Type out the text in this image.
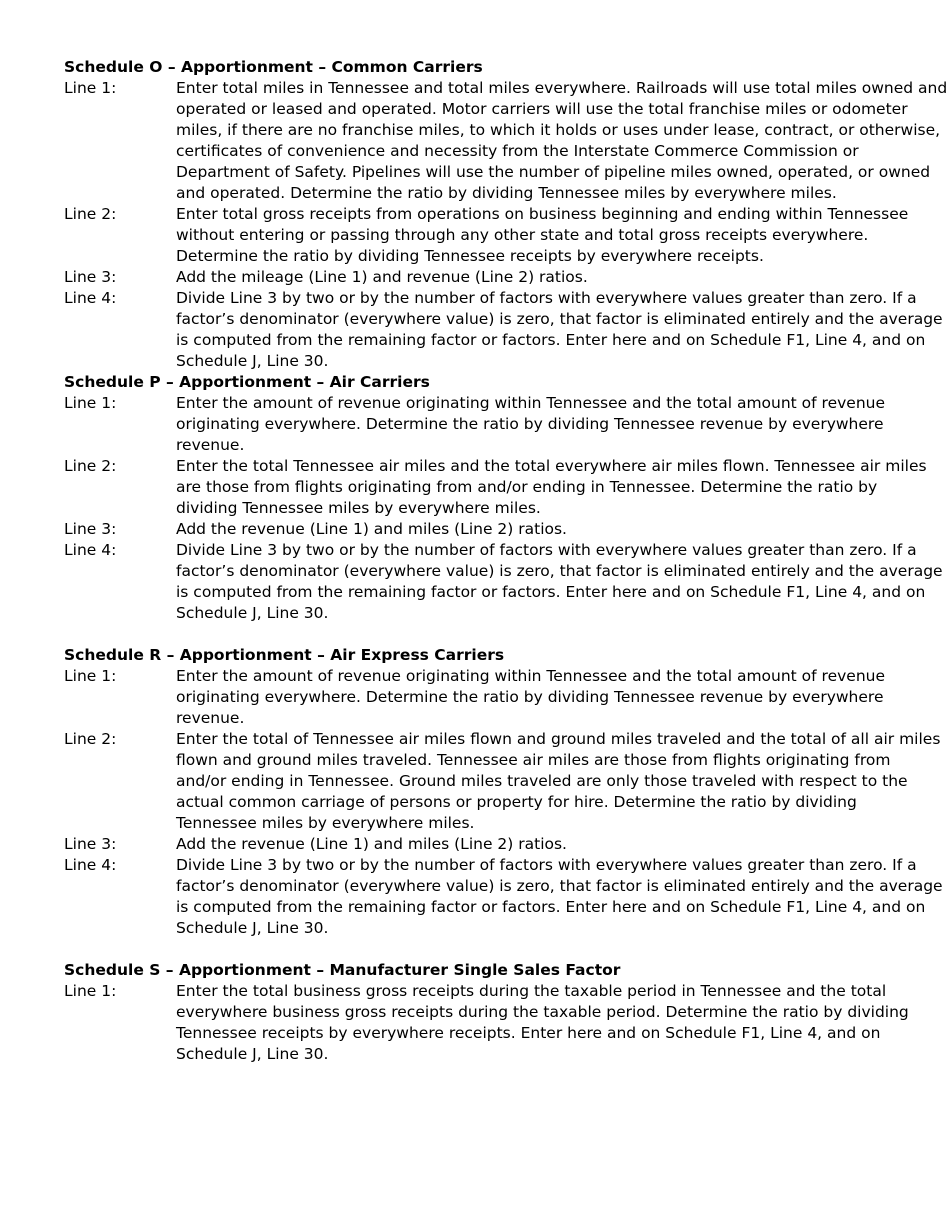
Schedule O – Apportionment – Common Carriers
Line 1:	Enter total miles in Tennessee and total miles everywhere. Railroads will use total miles owned and
operated or leased and operated. Motor carriers will use the total franchise miles or odometer
miles, if there are no franchise miles, to which it holds or uses under lease, contract, or otherwise,
certificates of convenience and necessity from the Interstate Commerce Commission or
Department of Safety. Pipelines will use the number of pipeline miles owned, operated, or owned
and operated. Determine the ratio by dividing Tennessee miles by everywhere miles.
Line 2:	Enter total gross receipts from operations on business beginning and ending within Tennessee
without entering or passing through any other state and total gross receipts everywhere.
Determine the ratio by dividing Tennessee receipts by everywhere receipts.
Line 3:	Add the mileage (Line 1) and revenue (Line 2) ratios.
Line 4:	Divide Line 3 by two or by the number of factors with everywhere values greater than zero. If a
factor’s denominator (everywhere value) is zero, that factor is eliminated entirely and the average
is computed from the remaining factor or factors. Enter here and on Schedule F1, Line 4, and on
Schedule J, Line 30.
Schedule P – Apportionment – Air Carriers
Line 1:	Enter the amount of revenue originating within Tennessee and the total amount of revenue
originating everywhere. Determine the ratio by dividing Tennessee revenue by everywhere
revenue.
Line 2:	Enter the total Tennessee air miles and the total everywhere air miles flown. Tennessee air miles
are those from flights originating from and/or ending in Tennessee. Determine the ratio by
dividing Tennessee miles by everywhere miles.
Line 3:	Add the revenue (Line 1) and miles (Line 2) ratios.
Line 4:	Divide Line 3 by two or by the number of factors with everywhere values greater than zero. If a
factor’s denominator (everywhere value) is zero, that factor is eliminated entirely and the average
is computed from the remaining factor or factors. Enter here and on Schedule F1, Line 4, and on
Schedule J, Line 30.
Schedule R – Apportionment – Air Express Carriers
Line 1:	Enter the amount of revenue originating within Tennessee and the total amount of revenue
originating everywhere. Determine the ratio by dividing Tennessee revenue by everywhere
revenue.
Line 2:	Enter the total of Tennessee air miles flown and ground miles traveled and the total of all air miles
flown and ground miles traveled. Tennessee air miles are those from flights originating from
and/or ending in Tennessee. Ground miles traveled are only those traveled with respect to the
actual common carriage of persons or property for hire. Determine the ratio by dividing
Tennessee miles by everywhere miles.
Line 3:	Add the revenue (Line 1) and miles (Line 2) ratios.
Line 4:	Divide Line 3 by two or by the number of factors with everywhere values greater than zero. If a
factor’s denominator (everywhere value) is zero, that factor is eliminated entirely and the average
is computed from the remaining factor or factors. Enter here and on Schedule F1, Line 4, and on
Schedule J, Line 30.
Schedule S – Apportionment – Manufacturer Single Sales Factor
Line 1:	Enter the total business gross receipts during the taxable period in Tennessee and the total
everywhere business gross receipts during the taxable period. Determine the ratio by dividing
Tennessee receipts by everywhere receipts. Enter here and on Schedule F1, Line 4, and on
Schedule J, Line 30.
